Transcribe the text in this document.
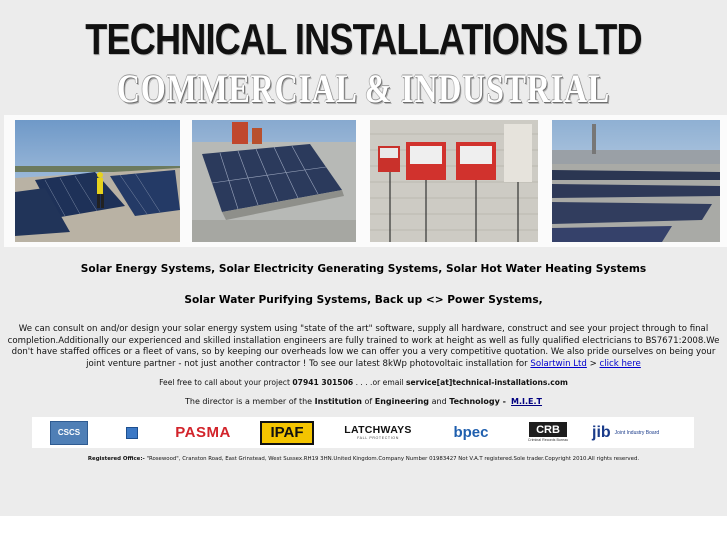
TECHNICAL INSTALLATIONS LTD
COMMERCIAL & INDUSTRIAL
Solar Energy Systems, Solar Electricity Generating Systems, Solar Hot Water Heating Systems
Solar Water Purifying Systems, Back up <> Power Systems,
We can consult on and/or design your solar energy system using "state of the art" software, supply all hardware, construct and see your project through to final completion.Additionally our experienced and skilled installation engineers are fully trained to work at height as well as fully qualified electricians to BS7671:2008.We don't have staffed offices or a fleet of vans, so by keeping our overheads low we can offer you a very competitive quotation. We also pride ourselves on being your joint venture partner - not just another contractor ! To see our latest 8kWp photovoltaic installation for Solartwin Ltd > click here
Feel free to call about your project 07941 301506 . . . .or email service[at]technical-installations.com
The director is a member of the Institution of Engineering and Technology - M.I.E.T
CSCS	PASMA	IPAF	LATCHWAYS
FALL PROTECTION	bpec	CRB
Criminal Records Bureau jib Joint Industry Board
Registered Office:- "Rosewood", Cranston Road, East Grinstead, West Sussex.RH19 3HN.United Kingdom.Company Number 01983427 Not V.A.T registered.Sole trader.Copyright 2010.All rights reserved.
